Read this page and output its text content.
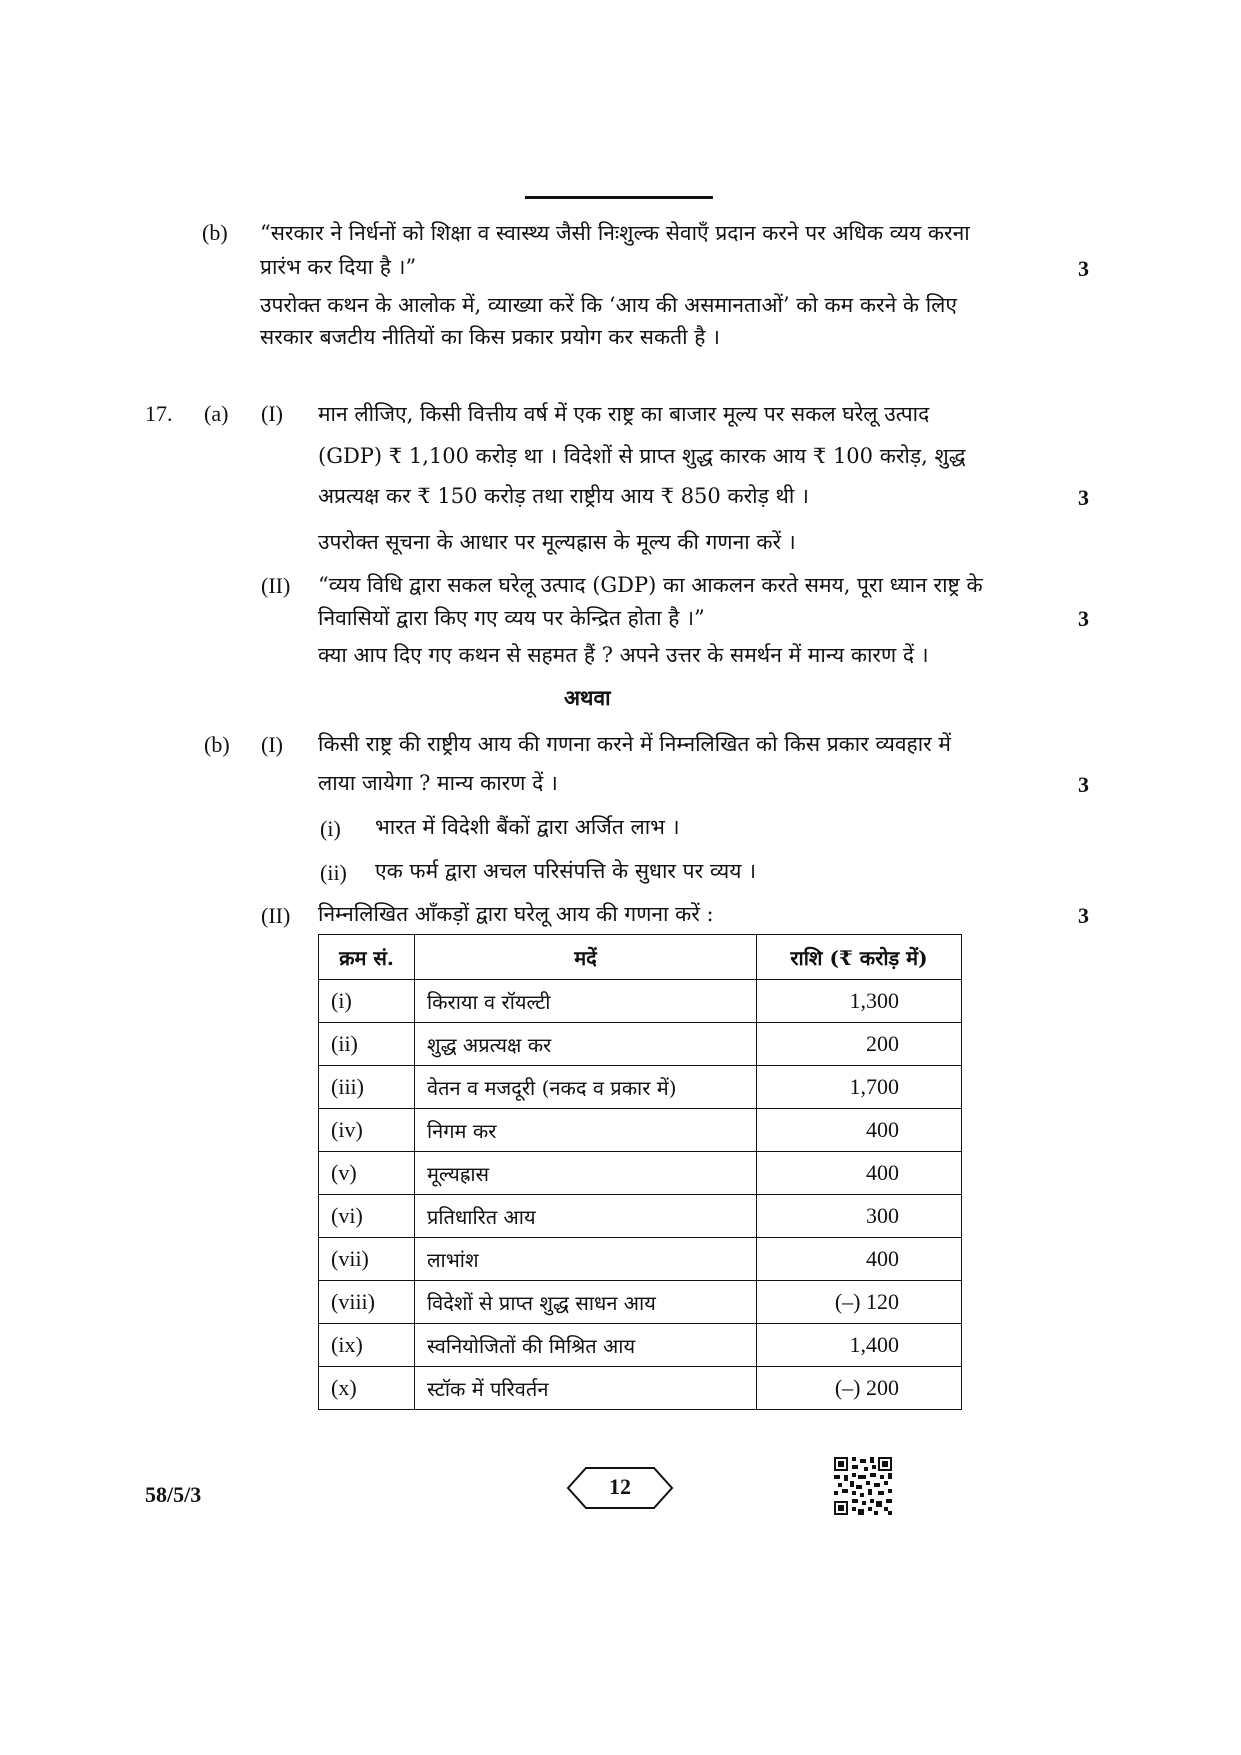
(b) “सरकार ने निर्धनों को शिक्षा व स्वास्थ्य जैसी निःशुल्क सेवाएँ प्रदान करने पर अधिक व्यय करना
प्रारंभ कर दिया है ।”	3
उपरोक्त कथन के आलोक में, व्याख्या करें कि ‘आय की असमानताओं’ को कम करने के लिए
सरकार बजटीय नीतियों का किस प्रकार प्रयोग कर सकती है ।
17. (a) (I) मान लीजिए, किसी वित्तीय वर्ष में एक राष्ट्र का बाजार मूल्य पर सकल घरेलू उत्पाद
(GDP) ₹ 1,100 करोड़ था । विदेशों से प्राप्त शुद्ध कारक आय ₹ 100 करोड़, शुद्ध
अप्रत्यक्ष कर ₹ 150 करोड़ तथा राष्ट्रीय आय ₹ 850 करोड़ थी ।	3
उपरोक्त सूचना के आधार पर मूल्यह्रास के मूल्य की गणना करें ।
(II) “व्यय विधि द्वारा सकल घरेलू उत्पाद (GDP) का आकलन करते समय, पूरा ध्यान राष्ट्र के
निवासियों द्वारा किए गए व्यय पर केन्द्रित होता है ।”	3
क्या आप दिए गए कथन से सहमत हैं ? अपने उत्तर के समर्थन में मान्य कारण दें ।
अथवा
(b) (I) किसी राष्ट्र की राष्ट्रीय आय की गणना करने में निम्नलिखित को किस प्रकार व्यवहार में
लाया जायेगा ? मान्य कारण दें ।	3
(i) भारत में विदेशी बैंकों द्वारा अर्जित लाभ ।
(ii) एक फर्म द्वारा अचल परिसंपत्ति के सुधार पर व्यय ।
(II) निम्नलिखित आँकड़ों द्वारा घरेलू आय की गणना करें :	3
क्रम सं.	मदें	राशि (₹ करोड़ में)
(i)	किराया व रॉयल्टी	1,300
(ii)	शुद्ध अप्रत्यक्ष कर	200
(iii)	वेतन व मजदूरी (नकद व प्रकार में)	1,700
(iv)	निगम कर	400
(v)	मूल्यह्रास	400
(vi)	प्रतिधारित आय	300
(vii)	लाभांश	400
(viii)	विदेशों से प्राप्त शुद्ध साधन आय	(–) 120
(ix)	स्वनियोजितों की मिश्रित आय	1,400
(x)	स्टॉक में परिवर्तन	(–) 200
58/5/3	12
